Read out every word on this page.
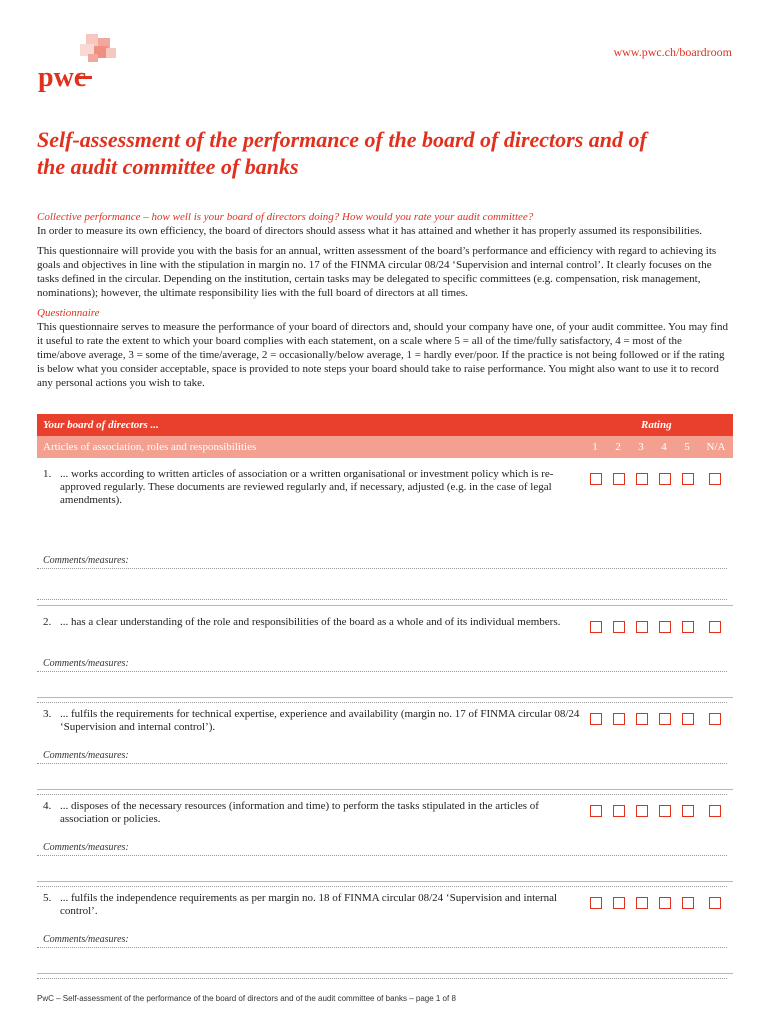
pwc
www.pwc.ch/boardroom
Self-assessment of the performance of the board of directors and of the audit committee of banks

Collective performance – how well is your board of directors doing? How would you rate your audit committee?

In order to measure its own efficiency, the board of directors should assess what it has attained and whether it has properly assumed its responsibilities.

This questionnaire will provide you with the basis for an annual, written assessment of the board’s performance and efficiency with regard to achieving its goals and objectives in line with the stipulation in margin no. 17 of the FINMA circular 08/24 ‘Supervision and internal control’. It clearly focuses on the tasks defined in the circular. Depending on the institution, certain tasks may be delegated to specific committees (e.g. compensation, risk management, nominations); however, the ultimate responsibility lies with the full board of directors at all times.

Questionnaire

This questionnaire serves to measure the performance of your board of directors and, should your company have one, of your audit committee. You may find it useful to rate the extent to which your board complies with each statement, on a scale where 5 = all of the time/fully satisfactory, 4 = most of the time/above average, 3 = some of the time/average, 2 = occasionally/below average, 1 = hardly ever/poor. If the practice is not being followed or if the rating is below what you consider acceptable, space is provided to note steps your board should take to raise performance. You might also want to use it to record any personal actions you wish to take.

Your board of directors ...	Rating
Articles of association, roles and responsibilities	1	2	3	4	5	N/A
1. ... works according to written articles of association or a written organisational or investment policy which is re-approved regularly. These documents are reviewed regularly and, if necessary, adjusted (e.g. in the case of legal amendments).
Comments/measures:
2. ... has a clear understanding of the role and responsibilities of the board as a whole and of its individual members.
Comments/measures:
3. ... fulfils the requirements for technical expertise, experience and availability (margin no. 17 of FINMA circular 08/24 ‘Supervision and internal control’).
Comments/measures:
4. ... disposes of the necessary resources (information and time) to perform the tasks stipulated in the articles of association or policies.
Comments/measures:
5. ... fulfils the independence requirements as per margin no. 18 of FINMA circular 08/24 ‘Supervision and internal control’.
Comments/measures:
PwC – Self-assessment of the performance of the board of directors and of the audit committee of banks – page 1 of 8
